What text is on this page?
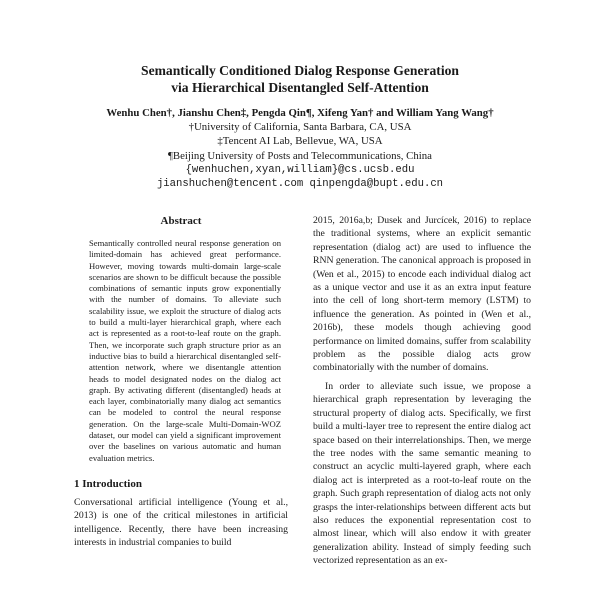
Semantically Conditioned Dialog Response Generation
via Hierarchical Disentangled Self-Attention
Wenhu Chen†, Jianshu Chen‡, Pengda Qin¶, Xifeng Yan† and William Yang Wang†
†University of California, Santa Barbara, CA, USA
‡Tencent AI Lab, Bellevue, WA, USA
¶Beijing University of Posts and Telecommunications, China
{wenhuchen,xyan,william}@cs.ucsb.edu
jianshuchen@tencent.com qinpengda@bupt.edu.cn
Abstract

Semantically controlled neural response generation on limited-domain has achieved great performance. However, moving towards multi-domain large-scale scenarios are shown to be difficult because the possible combinations of semantic inputs grow exponentially with the number of domains. To alleviate such scalability issue, we exploit the structure of dialog acts to build a multi-layer hierarchical graph, where each act is represented as a root-to-leaf route on the graph. Then, we incorporate such graph structure prior as an inductive bias to build a hierarchical disentangled self-attention network, where we disentangle attention heads to model designated nodes on the dialog act graph. By activating different (disentangled) heads at each layer, combinatorially many dialog act semantics can be modeled to control the neural response generation. On the large-scale Multi-Domain-WOZ dataset, our model can yield a significant improvement over the baselines on various automatic and human evaluation metrics.

1 Introduction

Conversational artificial intelligence (Young et al., 2013) is one of the critical milestones in artificial intelligence. Recently, there have been increasing interests in industrial companies to build

2015, 2016a,b; Dusek and Jurcícek, 2016) to replace the traditional systems, where an explicit semantic representation (dialog act) are used to influence the RNN generation. The canonical approach is proposed in (Wen et al., 2015) to encode each individual dialog act as a unique vector and use it as an extra input feature into the cell of long short-term memory (LSTM) to influence the generation. As pointed in (Wen et al., 2016b), these models though achieving good performance on limited domains, suffer from scalability problem as the possible dialog acts grow combinatorially with the number of domains.

In order to alleviate such issue, we propose a hierarchical graph representation by leveraging the structural property of dialog acts. Specifically, we first build a multi-layer tree to represent the entire dialog act space based on their interrelationships. Then, we merge the tree nodes with the same semantic meaning to construct an acyclic multi-layered graph, where each dialog act is interpreted as a root-to-leaf route on the graph. Such graph representation of dialog acts not only grasps the inter-relationships between different acts but also reduces the exponential representation cost to almost linear, which will also endow it with greater generalization ability. Instead of simply feeding such vectorized representation as an ex-
